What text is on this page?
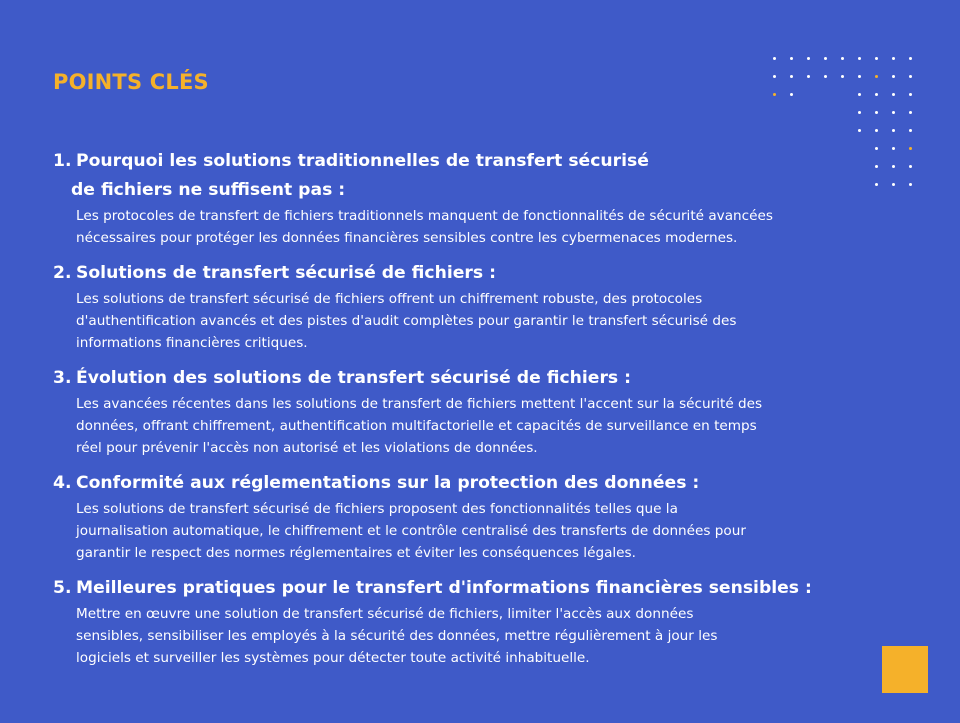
POINTS CLÉS
1. Pourquoi les solutions traditionnelles de transfert sécurisé
de fichiers ne suffisent pas :

Les protocoles de transfert de fichiers traditionnels manquent de fonctionnalités de sécurité avancées
nécessaires pour protéger les données financières sensibles contre les cybermenaces modernes.

2. Solutions de transfert sécurisé de fichiers :

Les solutions de transfert sécurisé de fichiers offrent un chiffrement robuste, des protocoles
d'authentification avancés et des pistes d'audit complètes pour garantir le transfert sécurisé des
informations financières critiques.

3. Évolution des solutions de transfert sécurisé de fichiers :

Les avancées récentes dans les solutions de transfert de fichiers mettent l'accent sur la sécurité des
données, offrant chiffrement, authentification multifactorielle et capacités de surveillance en temps
réel pour prévenir l'accès non autorisé et les violations de données.

4. Conformité aux réglementations sur la protection des données :

Les solutions de transfert sécurisé de fichiers proposent des fonctionnalités telles que la
journalisation automatique, le chiffrement et le contrôle centralisé des transferts de données pour
garantir le respect des normes réglementaires et éviter les conséquences légales.

5. Meilleures pratiques pour le transfert d'informations financières sensibles :

Mettre en œuvre une solution de transfert sécurisé de fichiers, limiter l'accès aux données
sensibles, sensibiliser les employés à la sécurité des données, mettre régulièrement à jour les
logiciels et surveiller les systèmes pour détecter toute activité inhabituelle.
